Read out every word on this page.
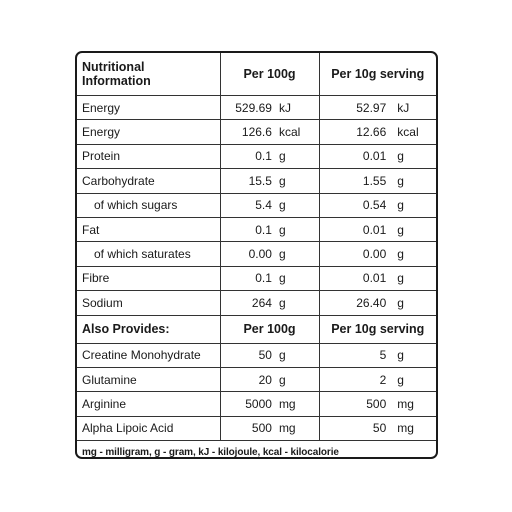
Nutritional
Information	Per 100g	Per 10g serving
Energy	529.69 kJ	52.97 kJ

Energy	126.6 kcal	12.66 kcal

Protein	0.1 g	0.01 g

Carbohydrate	15.5 g	1.55 g

of which sugars	5.4 g	0.54 g

Fat	0.1 g	0.01 g

of which saturates	0.00 g	0.00 g

Fibre	0.1 g	0.01 g

Sodium	264 g	26.40 g

Also Provides:	Per 100g	Per 10g serving
Creatine Monohydrate	50 g	5 g

Glutamine	20 g	2 g

Arginine	5000 mg	500 mg

Alpha Lipoic Acid	500 mg	50 mg
mg - milligram, g - gram, kJ - kilojoule, kcal - kilocalorie
